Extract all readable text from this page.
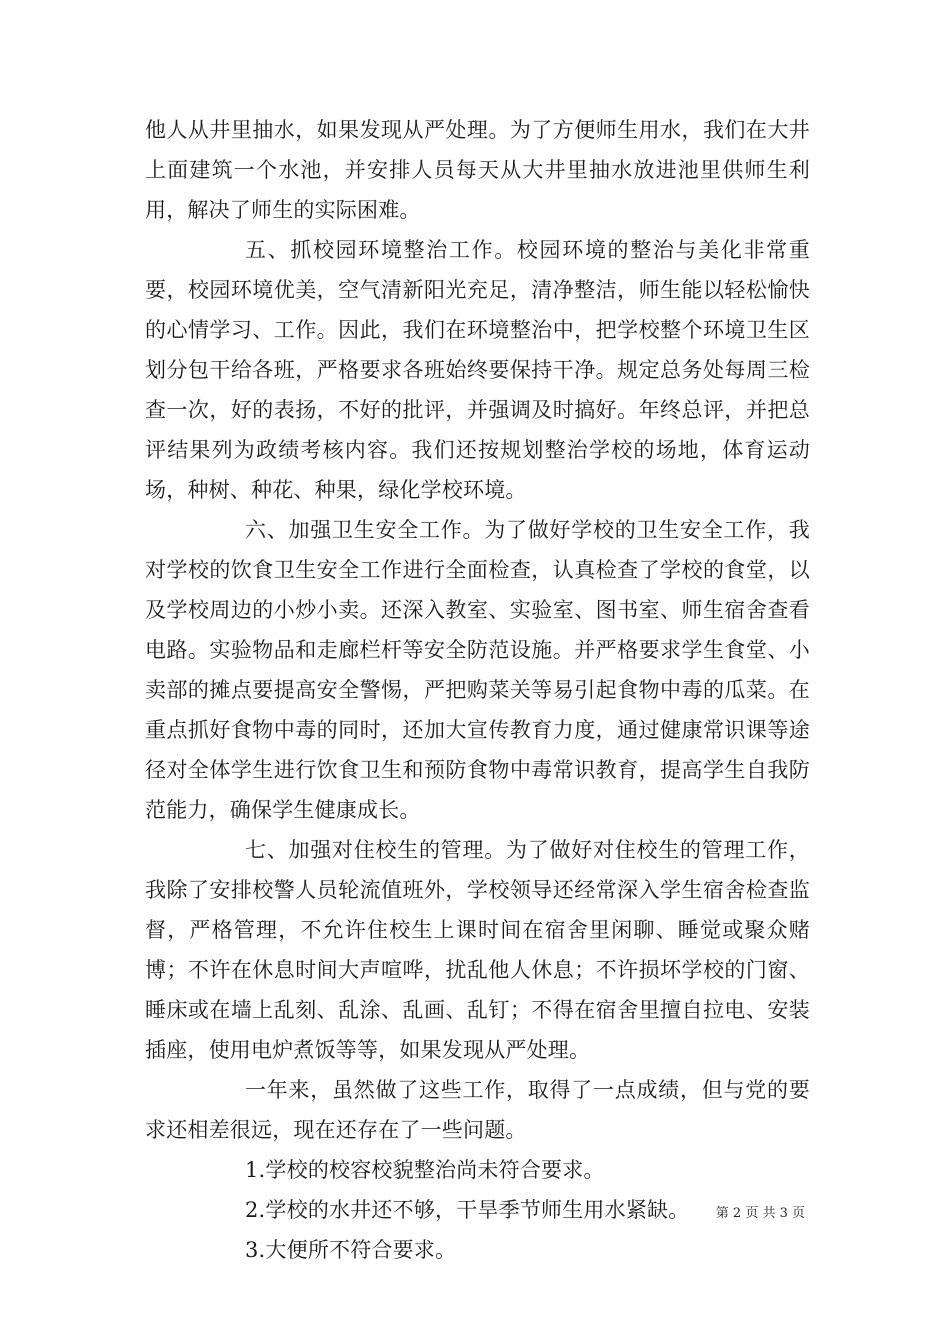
他人从井里抽水，如果发现从严处理。为了方便师生用水，我们在大井上面建筑一个水池，并安排人员每天从大井里抽水放进池里供师生利用，解决了师生的实际困难。

五、抓校园环境整治工作。校园环境的整治与美化非常重要，校园环境优美，空气清新阳光充足，清净整洁，师生能以轻松愉快的心情学习、工作。因此，我们在环境整治中，把学校整个环境卫生区划分包干给各班，严格要求各班始终要保持干净。规定总务处每周三检查一次，好的表扬，不好的批评，并强调及时搞好。年终总评，并把总评结果列为政绩考核内容。我们还按规划整治学校的场地，体育运动场，种树、种花、种果，绿化学校环境。

六、加强卫生安全工作。为了做好学校的卫生安全工作，我对学校的饮食卫生安全工作进行全面检查，认真检查了学校的食堂，以及学校周边的小炒小卖。还深入教室、实验室、图书室、师生宿舍查看电路。实验物品和走廊栏杆等安全防范设施。并严格要求学生食堂、小卖部的摊点要提高安全警惕，严把购菜关等易引起食物中毒的瓜菜。在重点抓好食物中毒的同时，还加大宣传教育力度，通过健康常识课等途径对全体学生进行饮食卫生和预防食物中毒常识教育，提高学生自我防范能力，确保学生健康成长。

七、加强对住校生的管理。为了做好对住校生的管理工作，我除了安排校警人员轮流值班外，学校领导还经常深入学生宿舍检查监督，严格管理，不允许住校生上课时间在宿舍里闲聊、睡觉或聚众赌博；不许在休息时间大声喧哗，扰乱他人休息；不许损坏学校的门窗、睡床或在墙上乱刻、乱涂、乱画、乱钉；不得在宿舍里擅自拉电、安装插座，使用电炉煮饭等等，如果发现从严处理。

一年来，虽然做了这些工作，取得了一点成绩，但与党的要求还相差很远，现在还存在了一些问题。

1.学校的校容校貌整治尚未符合要求。

2.学校的水井还不够，干旱季节师生用水紧缺。

3.大便所不符合要求。

第 2 页 共 3 页
